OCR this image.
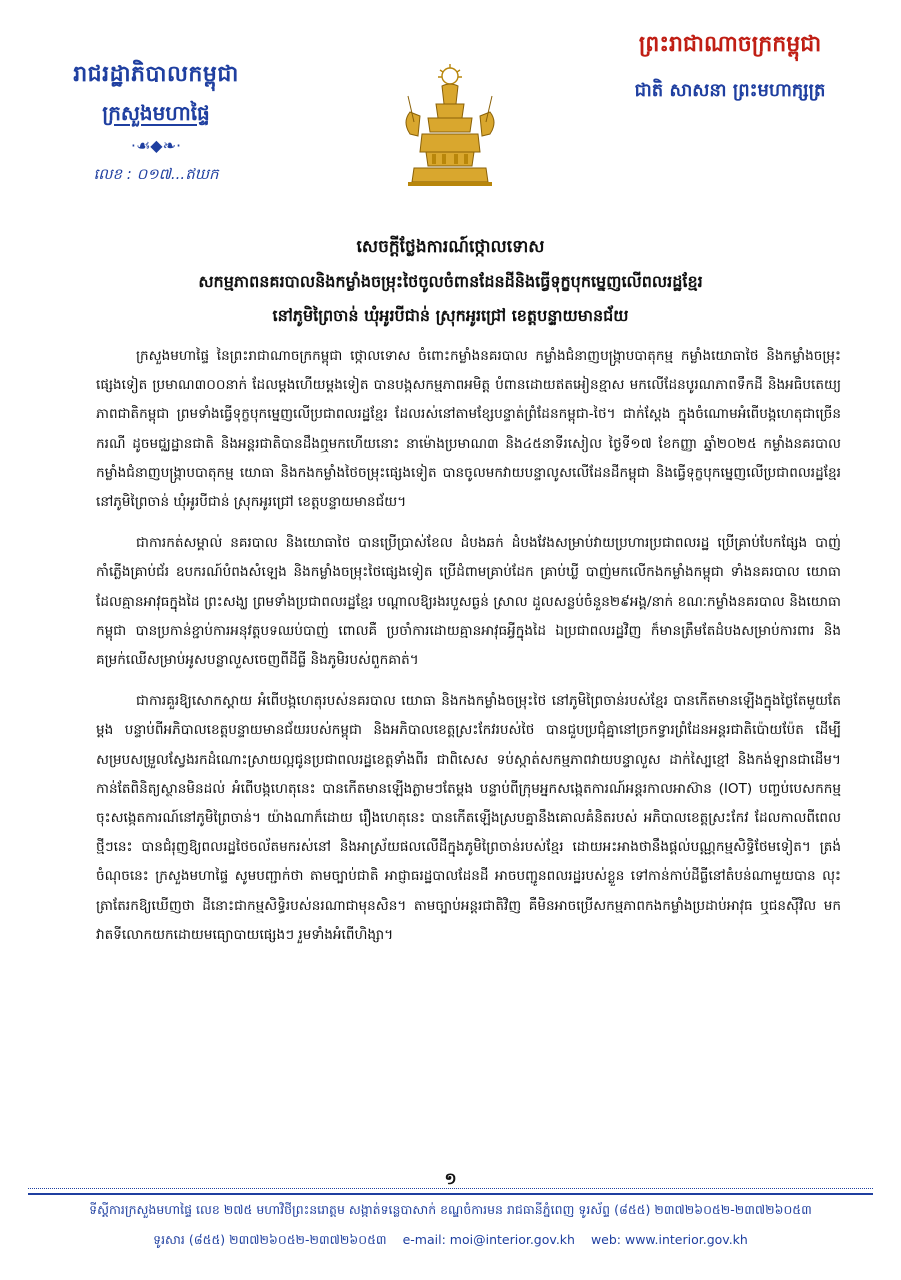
រាជរដ្ឋាភិបាលកម្ពុជា
ក្រសួងមហាផ្ទៃ
·☙◆❧·
លេខ : ០១៧...ឥឃក
ព្រះរាជាណាចក្រកម្ពុជា
ជាតិ សាសនា ព្រះមហាក្សត្រ
សេចក្តីថ្លែងការណ៍ថ្កោលទោស
សកម្មភាពនគរបាលនិងកម្លាំងចម្រុះថៃចូលចំពានដែនដីនិងធ្វើទុក្ខបុកម្នេញលើពលរដ្ឋខ្មែរ
នៅភូមិព្រៃចាន់ ឃុំអូរបីជាន់ ស្រុកអូរជ្រៅ ខេត្តបន្ទាយមានជ័យ

ក្រសួងមហាផ្ទៃ នៃព្រះរាជាណាចក្រកម្ពុជា ថ្កោលទោស ចំពោះកម្លាំងនគរបាល កម្លាំងជំនាញបង្ក្រាបបាតុកម្ម កម្លាំងយោធាថៃ និងកម្លាំងចម្រុះផ្សេងទៀត ប្រមាណ៣០០នាក់ ដែលម្តងហើយម្តងទៀត បានបង្កសកម្មភាពអមិត្ត បំពានដោយឥតអៀនខ្មាស មកលើដែនបូរណភាពទឹកដី និងអធិបតេយ្យភាពជាតិកម្ពុជា ព្រមទាំងធ្វើទុក្ខបុកម្នេញលើប្រជាពលរដ្ឋខ្មែរ ដែលរស់នៅតាមខ្សែបន្ទាត់ព្រំដែនកម្ពុជា-ថៃ។ ជាក់ស្តែង ក្នុងចំណោមអំពើបង្កហេតុជាច្រើនករណី ដូចមជ្ឈដ្ឋានជាតិ និងអន្តរជាតិបានដឹងឮមកហើយនោះ នាម៉ោងប្រមាណ៣ និង៤៥នាទីរសៀល ថ្ងៃទី១៧ ខែកញ្ញា ឆ្នាំ២០២៥ កម្លាំងនគរបាល កម្លាំងជំនាញបង្ក្រាបបាតុកម្ម យោធា និងកងកម្លាំងថៃចម្រុះផ្សេងទៀត បានចូលមកវាយបន្ទាលូសលើដែនដីកម្ពុជា និងធ្វើទុក្ខបុកម្នេញលើប្រជាពលរដ្ឋខ្មែរ នៅភូមិព្រៃចាន់ ឃុំអូរបីជាន់ ស្រុកអូរជ្រៅ ខេត្តបន្ទាយមានជ័យ។

ជាការកត់សម្គាល់ នគរបាល និងយោធាថៃ បានប្រើប្រាស់ខែល ដំបងឆក់ ដំបងវែងសម្រាប់វាយប្រហារប្រជាពលរដ្ឋ ប្រើគ្រាប់បែកផ្សែង បាញ់កាំភ្លើងគ្រាប់ជ័រ ឧបករណ៍បំពងសំឡេង និងកម្លាំងចម្រុះថៃផ្សេងទៀត ប្រើដំពាមគ្រាប់ដែក គ្រាប់ឃ្លី បាញ់មកលើកងកម្លាំងកម្ពុជា ទាំងនគរបាល យោធា ដែលគ្មានអាវុធក្នុងដៃ ព្រះសង្ឃ ព្រមទាំងប្រជាពលរដ្ឋខ្មែរ បណ្តាលឱ្យរងរបួសធ្ងន់ ស្រាល ដួលសន្លប់ចំនួន២៩អង្គ/នាក់ ខណៈកម្លាំងនគរបាល និងយោធាកម្ពុជា បានប្រកាន់ខ្ជាប់ការអនុវត្តបទឈប់បាញ់ ពោលគឺ ប្រចាំការដោយគ្មានអាវុធអ្វីក្នុងដៃ ឯប្រជាពលរដ្ឋវិញ ក៏មានត្រឹមតែដំបងសម្រាប់ការពារ និងគម្រក់ឈើសម្រាប់អូសបន្លាលួសចេញពីដីធ្លី និងភូមិរបស់ពួកគាត់។

ជាការគួរឱ្យសោកស្តាយ អំពើបង្កហេតុរបស់នគរបាល យោធា និងកងកម្លាំងចម្រុះថៃ នៅភូមិព្រៃចាន់របស់ខ្មែរ បានកើតមានឡើងក្នុងថ្ងៃតែមួយតែម្តង បន្ទាប់ពីអភិបាលខេត្តបន្ទាយមានជ័យរបស់កម្ពុជា និងអភិបាលខេត្តស្រះកែវរបស់ថៃ បានជួបប្រជុំគ្នានៅច្រកទ្វារព្រំដែនអន្តរជាតិប៉ោយប៉ែត ដើម្បីសម្របសម្រួលស្វែងរកដំណោះស្រាយល្អជូនប្រជាពលរដ្ឋខេត្តទាំងពីរ ជាពិសេស ទប់ស្កាត់សកម្មភាពវាយបន្ទាលួស ដាក់ស្បៃខ្មៅ និងកង់ឡានជាដើម។ កាន់តែពិនិត្យស្ថានមិនដល់ អំពើបង្កហេតុនេះ បានកើតមានឡើងភ្លាមៗតែម្តង បន្ទាប់ពីក្រុមអ្នកសង្កេតការណ៍អន្តរកាលអាស៊ាន (IOT) បញ្ចប់បេសកកម្មចុះសង្កេតការណ៍នៅភូមិព្រៃចាន់។ យ៉ាងណាក៏ដោយ រឿងហេតុនេះ បានកើតឡើងស្របគ្នានឹងគោលគំនិតរបស់ អភិបាលខេត្តស្រះកែវ ដែលកាលពីពេលថ្មីៗនេះ បានជំរុញឱ្យពលរដ្ឋថៃចល័តមករស់នៅ និងអាស្រ័យផលលើដីក្នុងភូមិព្រៃចាន់របស់ខ្មែរ ដោយអះអាងថានឹងផ្តល់បណ្ណកម្មសិទ្ធិថែមទៀត។ ត្រង់ចំណុចនេះ ក្រសួងមហាផ្ទៃ សូមបញ្ជាក់ថា តាមច្បាប់ជាតិ អាជ្ញាធរដ្ឋបាលដែនដី អាចបញ្ជូនពលរដ្ឋរបស់ខ្លួន ទៅកាន់កាប់ដីធ្លីនៅតំបន់ណាមួយបាន លុះត្រាតែរកឱ្យឃើញថា ដីនោះជាកម្មសិទ្ធិរបស់នរណាជាមុនសិន។ តាមច្បាប់អន្តរជាតិវិញ គឺមិនអាចប្រើសកម្មភាពកងកម្លាំងប្រដាប់អាវុធ ឬជនស៊ីវិល មកវាតទីលោកយកដោយមធ្យោបាយផ្សេងៗ រួមទាំងអំពើហិង្សា។

១
ទីស្តីការក្រសួងមហាផ្ទៃ លេខ ២៧៥ មហាវិថីព្រះនរោត្តម សង្កាត់ទន្លេបាសាក់ ខណ្ឌចំការមន រាជធានីភ្នំពេញ ទូរស័ព្ទ (៨៥៥) ២៣៧២៦០៥២-២៣៧២៦០៥៣
ទូរសារ (៨៥៥) ២៣៧២៦០៥២-២៣៧២៦០៥៣ e-mail: moi@interior.gov.kh web: www.interior.gov.kh
